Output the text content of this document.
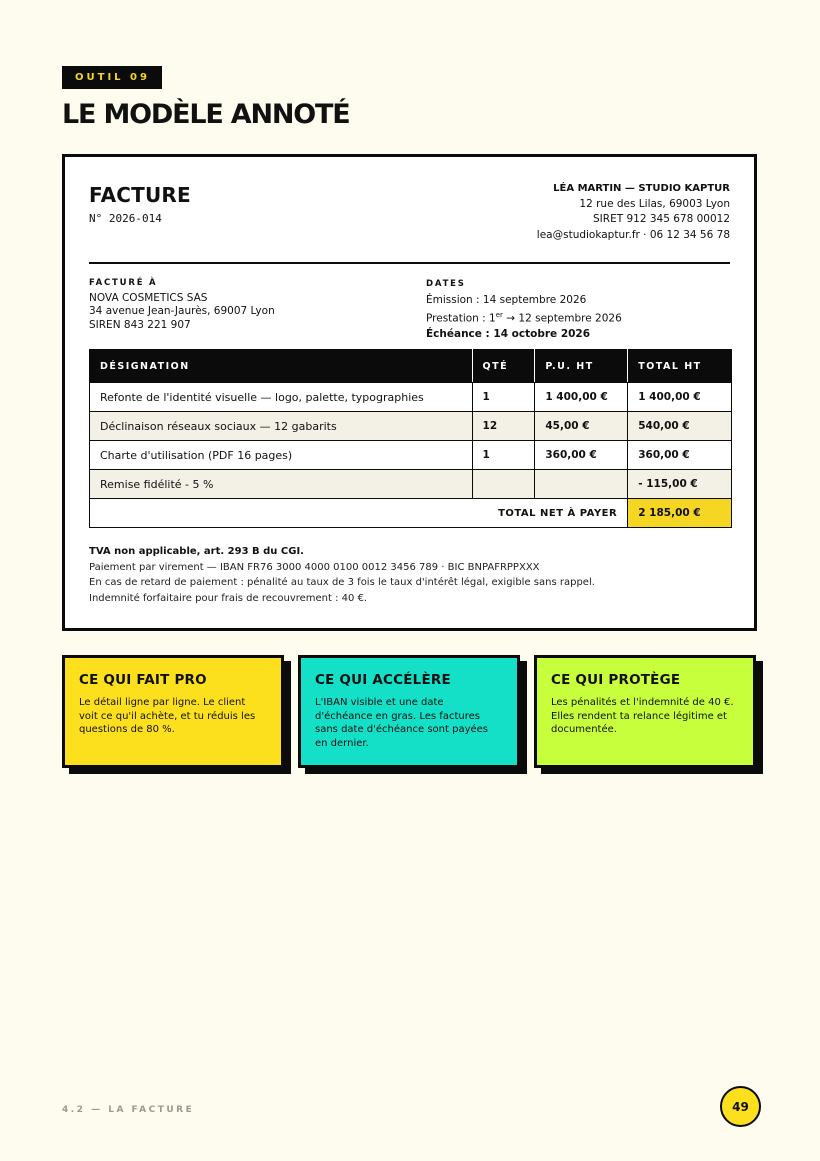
OUTIL 09
LE MODÈLE ANNOTÉ
FACTURE
N° 2026-014
LÉA MARTIN — STUDIO KAPTUR
12 rue des Lilas, 69003 Lyon
SIRET 912 345 678 00012
lea@studiokaptur.fr · 06 12 34 56 78
FACTURÉ À
NOVA COSMETICS SAS
34 avenue Jean-Jaurès, 69007 Lyon
SIREN 843 221 907
DATES
Émission : 14 septembre 2026
Prestation : 1er → 12 septembre 2026
Échéance : 14 octobre 2026
DÉSIGNATION	QTÉ	P.U. HT	TOTAL HT
Refonte de l'identité visuelle — logo, palette, typographies	1	1 400,00 €	1 400,00 €
Déclinaison réseaux sociaux — 12 gabarits	12	45,00 €	540,00 €
Charte d'utilisation (PDF 16 pages)	1	360,00 €	360,00 €
Remise fidélité - 5 %			- 115,00 €
TOTAL NET À PAYER			2 185,00 €
TVA non applicable, art. 293 B du CGI.
Paiement par virement — IBAN FR76 3000 4000 0100 0012 3456 789 · BIC BNPAFRPPXXX
En cas de retard de paiement : pénalité au taux de 3 fois le taux d'intérêt légal, exigible sans rappel.
Indemnité forfaitaire pour frais de recouvrement : 40 €.
CE QUI FAIT PRO

Le détail ligne par ligne. Le client voit ce qu'il achète, et tu réduis les questions de 80 %.

CE QUI ACCÉLÈRE

L'IBAN visible et une date d'échéance en gras. Les factures sans date d'échéance sont payées en dernier.

CE QUI PROTÈGE

Les pénalités et l'indemnité de 40 €. Elles rendent ta relance légitime et documentée.

4.2 — LA FACTURE	49
